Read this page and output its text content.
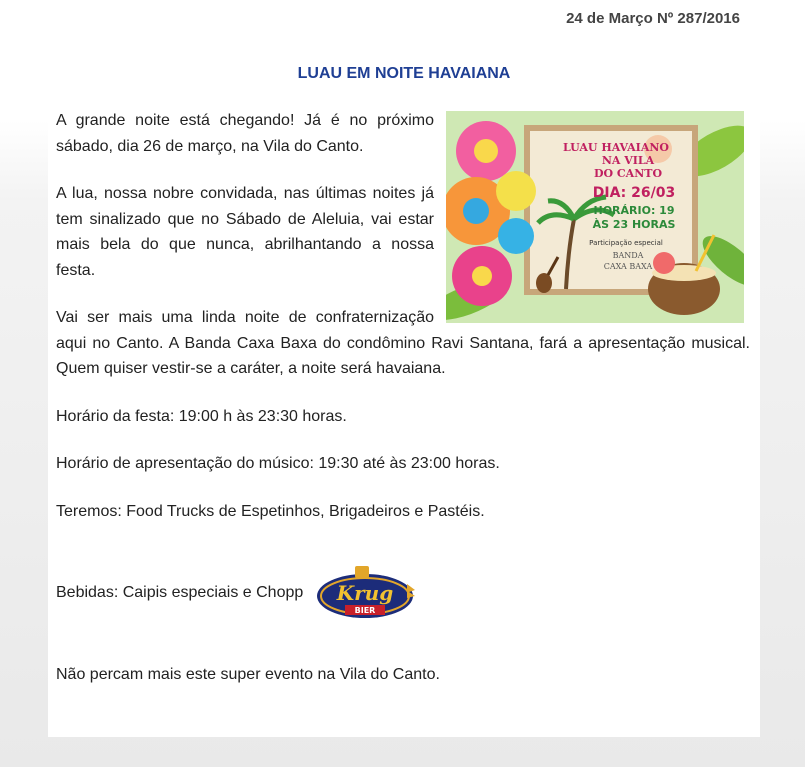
24 de Março Nº 287/2016
LUAU EM NOITE HAVAIANA
LUAU HAVAIANO
NA VILA
DO CANTO
DIA: 26/03
HORÁRIO: 19
ÀS 23 HORAS
Participação especial
BANDA
CAXA BAXA

A grande noite está chegando! Já é no próximo sábado, dia 26 de março, na Vila do Canto.

A lua, nossa nobre convidada, nas últimas noites já tem sinalizado que no Sábado de Aleluia, vai estar mais bela do que nunca, abrilhantando a nossa festa.

Vai ser mais uma linda noite de confraternização aqui no Canto. A Banda Caxa Baxa do condômino Ravi Santana, fará a apresentação musical. Quem quiser vestir-se a caráter, a noite será havaiana.

Horário da festa: 19:00 h às 23:30 horas.

Horário de apresentação do músico: 19:30 até às 23:00 horas.

Teremos: Food Trucks de Espetinhos, Brigadeiros e Pastéis.

Bebidas: Caipis especiais e Chopp Krug
BIER

Não percam mais este super evento na Vila do Canto.
